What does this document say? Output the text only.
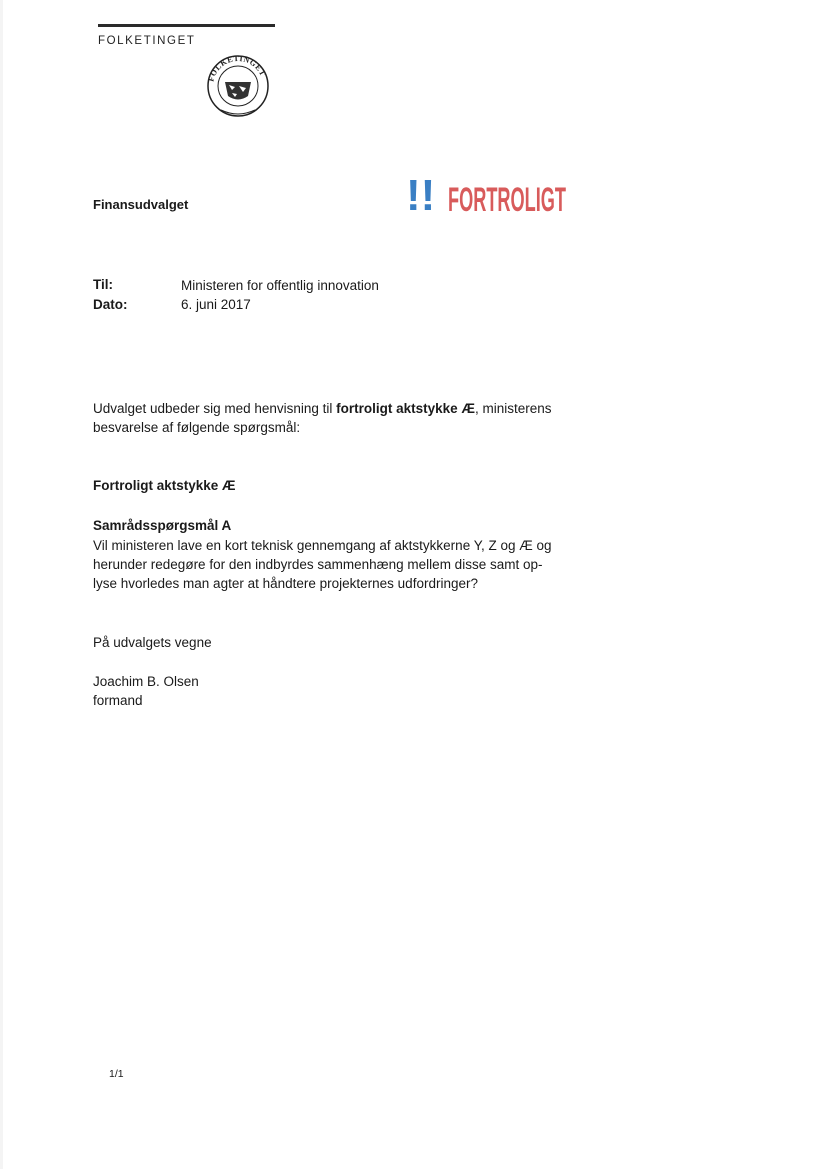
FOLKETINGET
FOLKETINGET
Finansudvalget	!! FORTROLIGT
Til:	Ministeren for offentlig innovation
Dato:	6. juni 2017
Udvalget udbeder sig med henvisning til fortroligt aktstykke Æ, ministerens
besvarelse af følgende spørgsmål:
Fortroligt aktstykke Æ
Samrådsspørgsmål A
Vil ministeren lave en kort teknisk gennemgang af aktstykkerne Y, Z og Æ og
herunder redegøre for den indbyrdes sammenhæng mellem disse samt op-
lyse hvorledes man agter at håndtere projekternes udfordringer?
På udvalgets vegne
Joachim B. Olsen
formand
1/1
